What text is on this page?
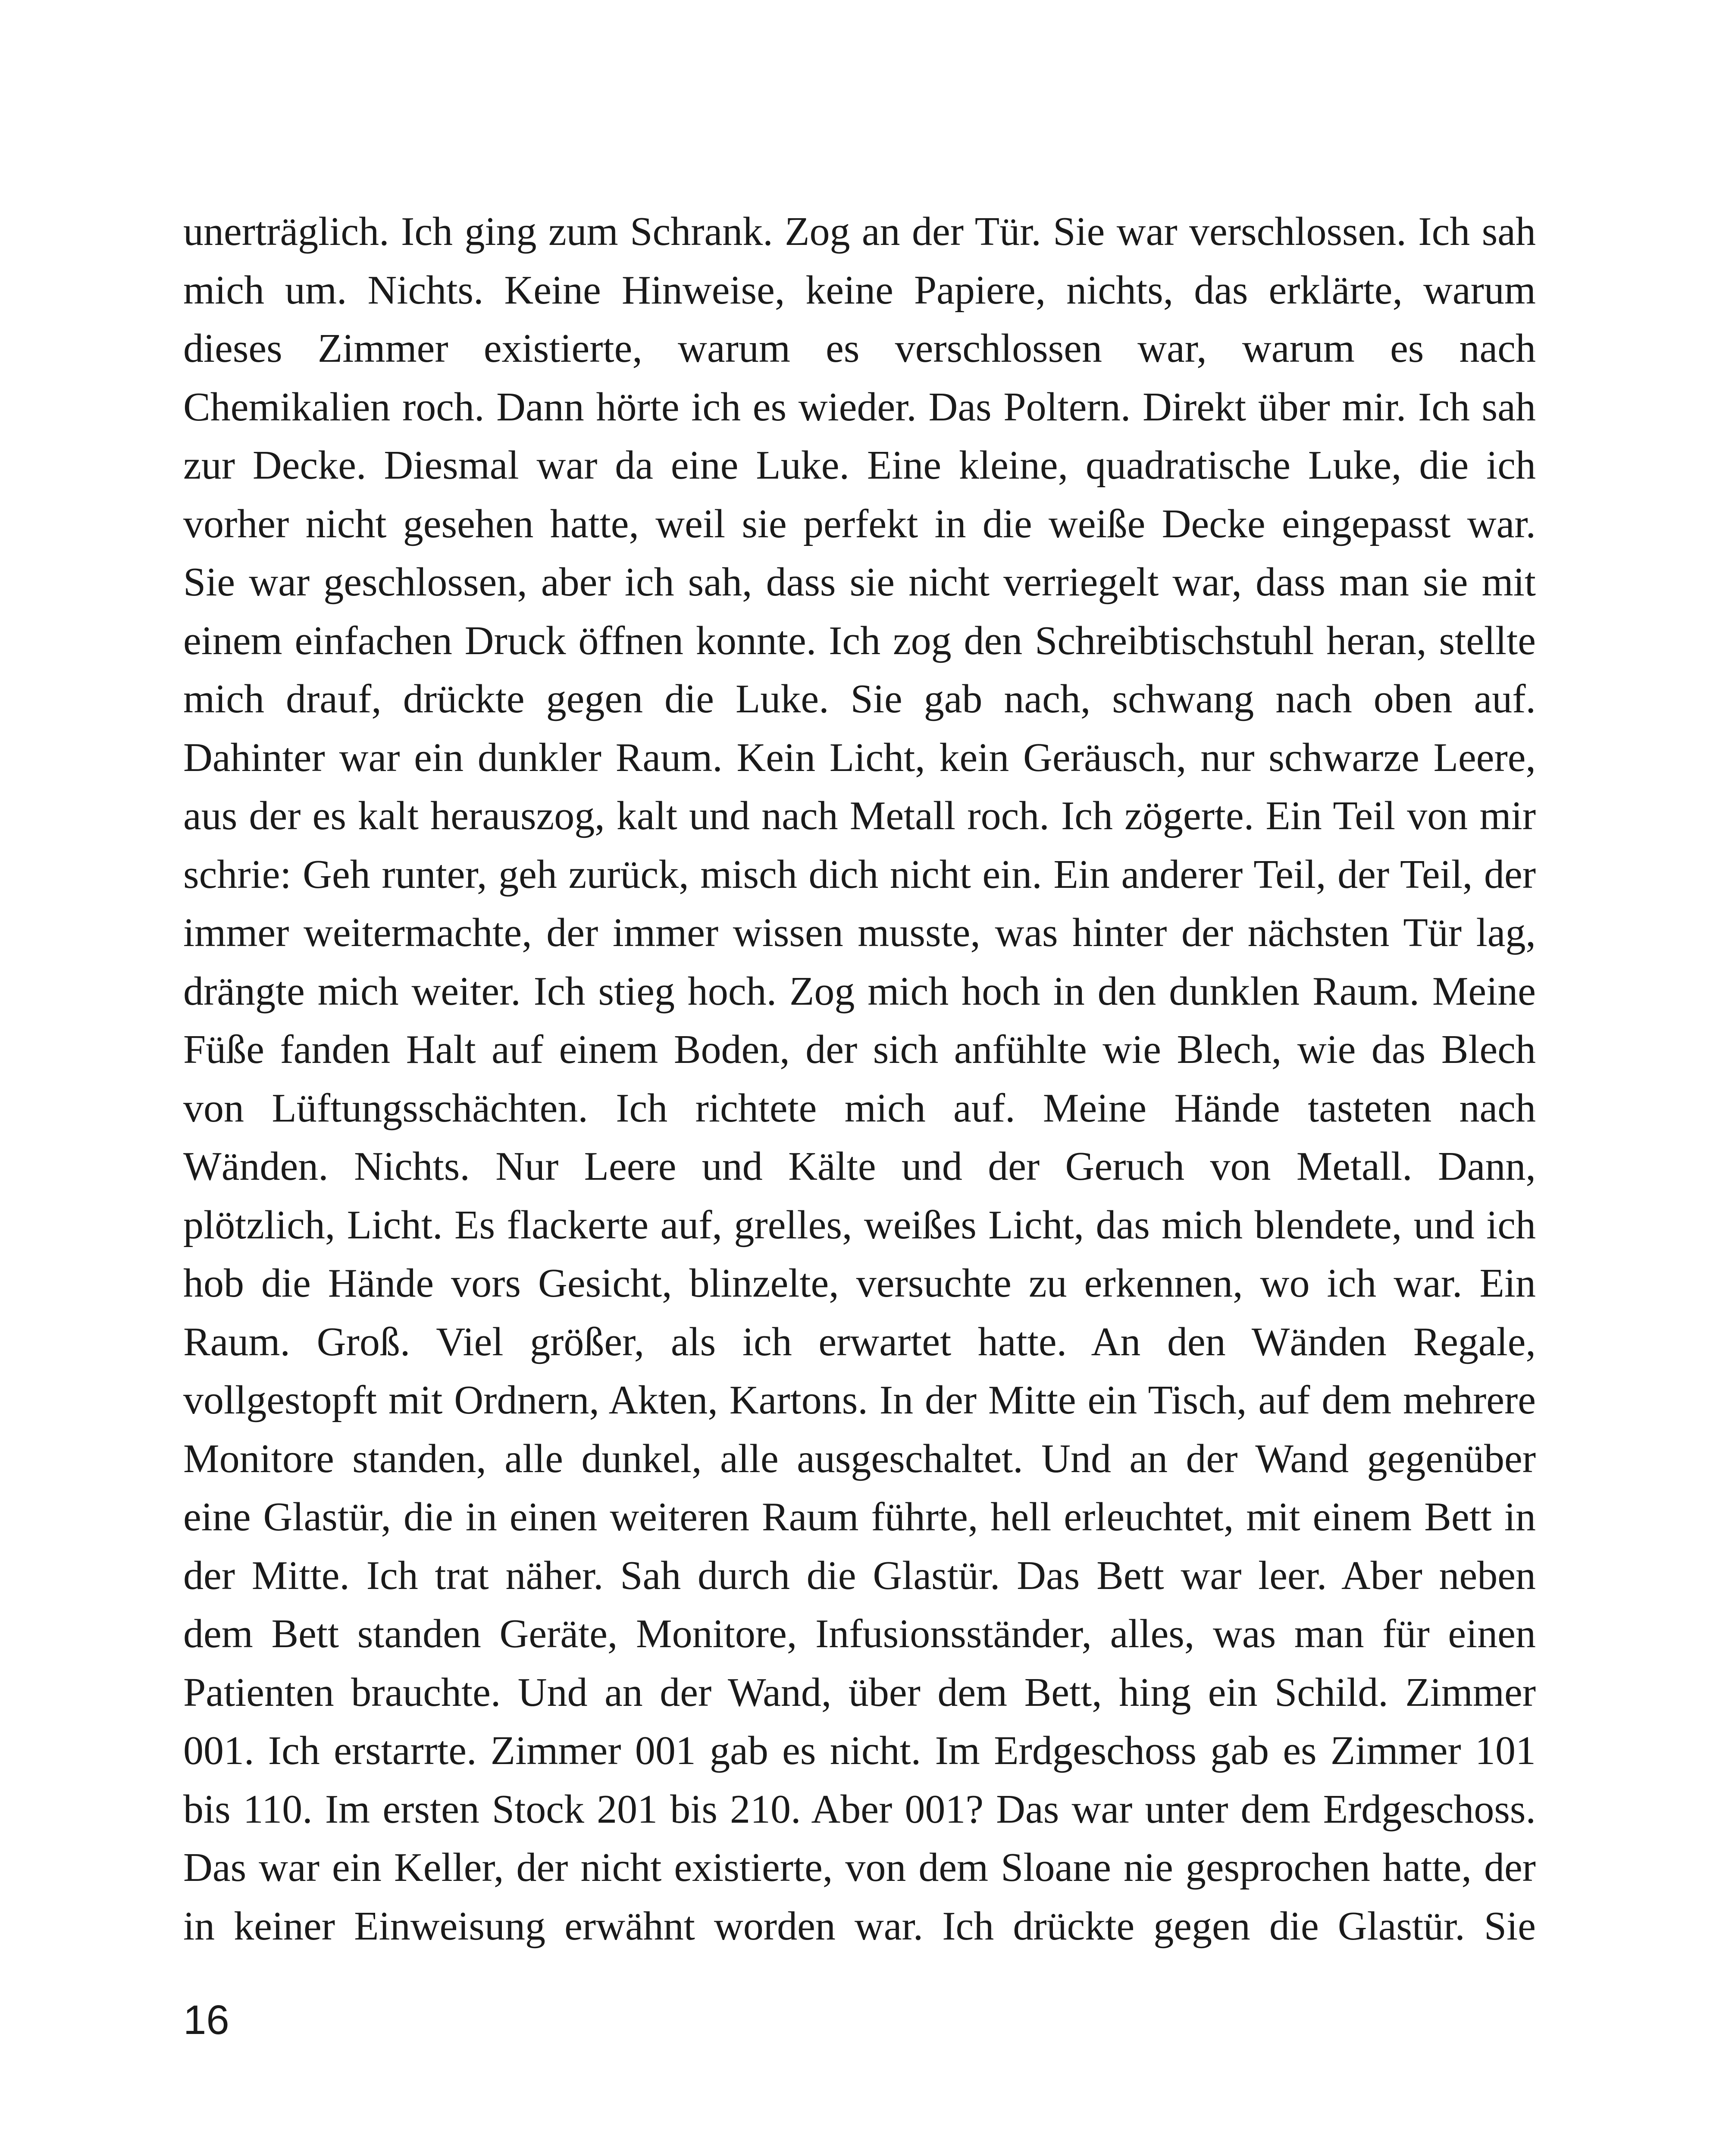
unerträglich. Ich ging zum Schrank. Zog an der Tür. Sie war verschlossen. Ich sah
mich um. Nichts. Keine Hinweise, keine Papiere, nichts, das erklärte, warum
dieses Zimmer existierte, warum es verschlossen war, warum es nach
Chemikalien roch. Dann hörte ich es wieder. Das Poltern. Direkt über mir. Ich sah
zur Decke. Diesmal war da eine Luke. Eine kleine, quadratische Luke, die ich
vorher nicht gesehen hatte, weil sie perfekt in die weiße Decke eingepasst war.
Sie war geschlossen, aber ich sah, dass sie nicht verriegelt war, dass man sie mit
einem einfachen Druck öffnen konnte. Ich zog den Schreibtischstuhl heran, stellte
mich drauf, drückte gegen die Luke. Sie gab nach, schwang nach oben auf.
Dahinter war ein dunkler Raum. Kein Licht, kein Geräusch, nur schwarze Leere,
aus der es kalt herauszog, kalt und nach Metall roch. Ich zögerte. Ein Teil von mir
schrie: Geh runter, geh zurück, misch dich nicht ein. Ein anderer Teil, der Teil, der
immer weitermachte, der immer wissen musste, was hinter der nächsten Tür lag,
drängte mich weiter. Ich stieg hoch. Zog mich hoch in den dunklen Raum. Meine
Füße fanden Halt auf einem Boden, der sich anfühlte wie Blech, wie das Blech
von Lüftungsschächten. Ich richtete mich auf. Meine Hände tasteten nach
Wänden. Nichts. Nur Leere und Kälte und der Geruch von Metall. Dann,
plötzlich, Licht. Es flackerte auf, grelles, weißes Licht, das mich blendete, und ich
hob die Hände vors Gesicht, blinzelte, versuchte zu erkennen, wo ich war. Ein
Raum. Groß. Viel größer, als ich erwartet hatte. An den Wänden Regale,
vollgestopft mit Ordnern, Akten, Kartons. In der Mitte ein Tisch, auf dem mehrere
Monitore standen, alle dunkel, alle ausgeschaltet. Und an der Wand gegenüber
eine Glastür, die in einen weiteren Raum führte, hell erleuchtet, mit einem Bett in
der Mitte. Ich trat näher. Sah durch die Glastür. Das Bett war leer. Aber neben
dem Bett standen Geräte, Monitore, Infusionsständer, alles, was man für einen
Patienten brauchte. Und an der Wand, über dem Bett, hing ein Schild. Zimmer
001. Ich erstarrte. Zimmer 001 gab es nicht. Im Erdgeschoss gab es Zimmer 101
bis 110. Im ersten Stock 201 bis 210. Aber 001? Das war unter dem Erdgeschoss.
Das war ein Keller, der nicht existierte, von dem Sloane nie gesprochen hatte, der
in keiner Einweisung erwähnt worden war. Ich drückte gegen die Glastür. Sie

16
